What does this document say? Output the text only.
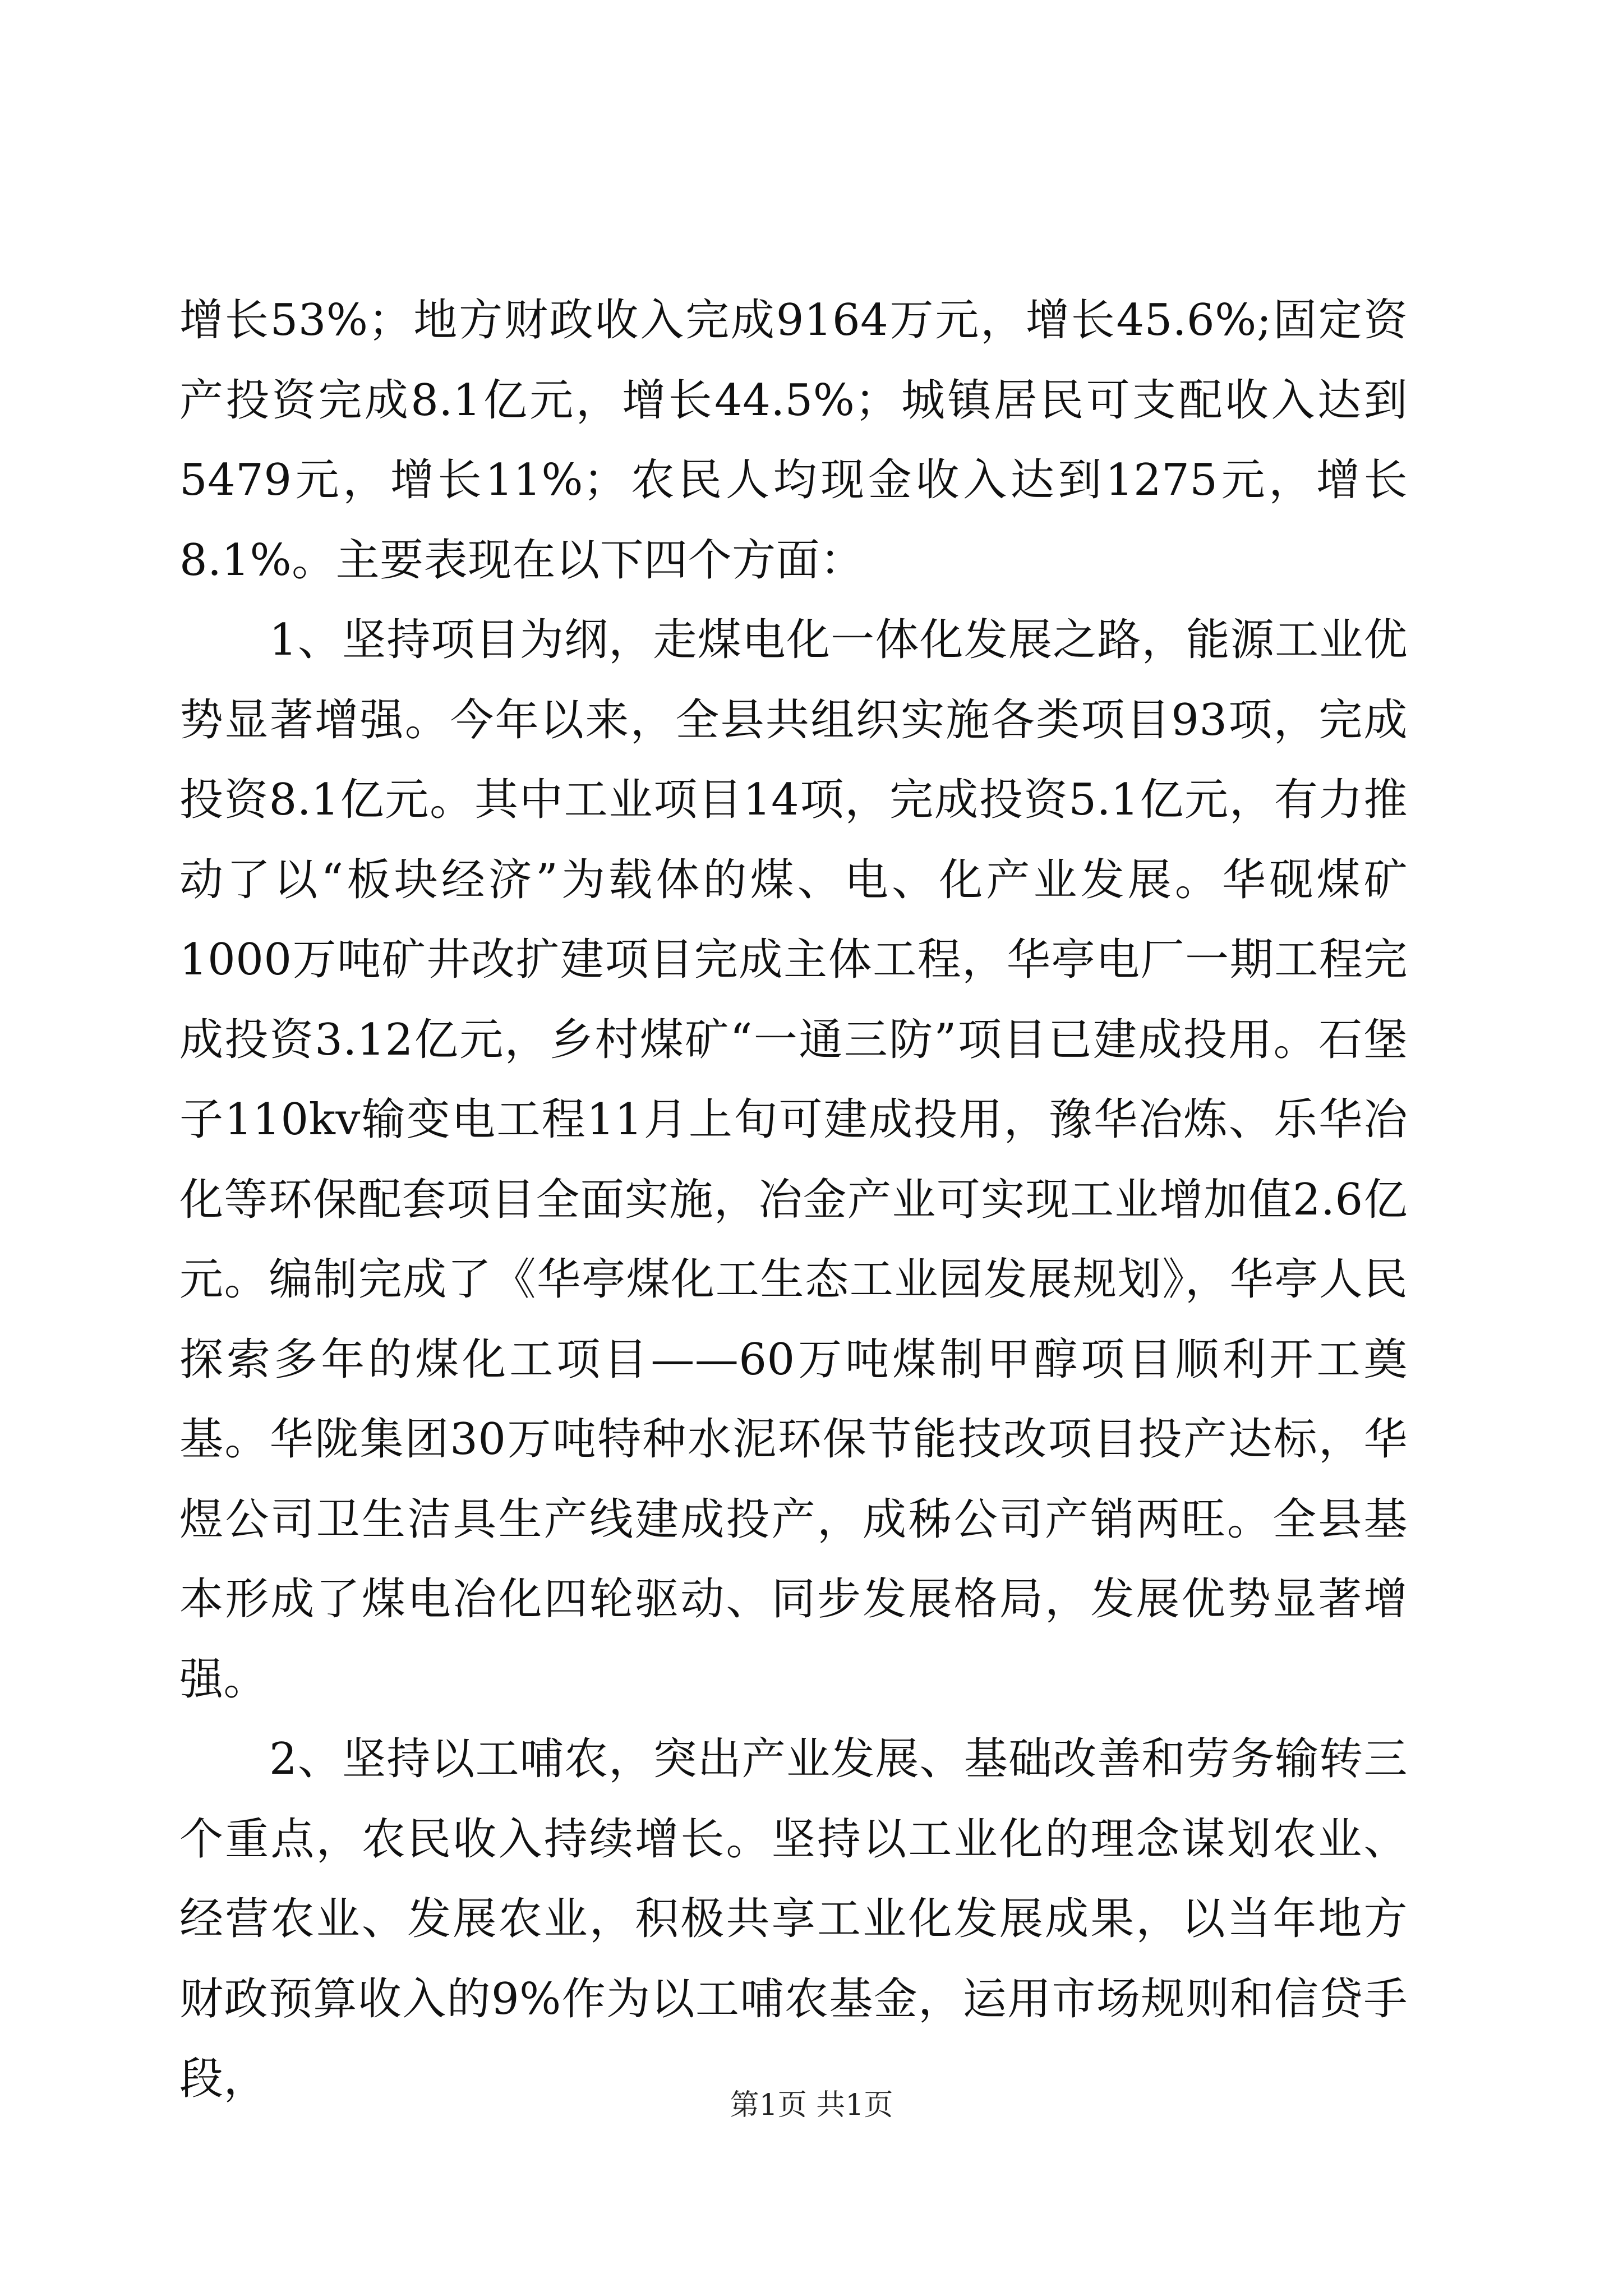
增长53%；地方财政收入完成9164万元，增长45.6%;固定资产投资完成8.1亿元，增长44.5%；城镇居民可支配收入达到5479元，增长11%；农民人均现金收入达到1275元，增长8.1%。主要表现在以下四个方面：

1、坚持项目为纲，走煤电化一体化发展之路，能源工业优势显著增强。今年以来，全县共组织实施各类项目93项，完成投资8.1亿元。其中工业项目14项，完成投资5.1亿元，有力推动了以“板块经济”为载体的煤、电、化产业发展。华砚煤矿1000万吨矿井改扩建项目完成主体工程，华亭电厂一期工程完成投资3.12亿元，乡村煤矿“一通三防”项目已建成投用。石堡子110kv输变电工程11月上旬可建成投用，豫华冶炼、乐华冶化等环保配套项目全面实施，冶金产业可实现工业增加值2.6亿元。编制完成了《华亭煤化工生态工业园发展规划》，华亭人民探索多年的煤化工项目——60万吨煤制甲醇项目顺利开工奠基。华陇集团30万吨特种水泥环保节能技改项目投产达标，华煜公司卫生洁具生产线建成投产，成秭公司产销两旺。全县基本形成了煤电冶化四轮驱动、同步发展格局，发展优势显著增强。

2、坚持以工哺农，突出产业发展、基础改善和劳务输转三个重点，农民收入持续增长。坚持以工业化的理念谋划农业、经营农业、发展农业，积极共享工业化发展成果，以当年地方财政预算收入的9%作为以工哺农基金，运用市场规则和信贷手段，

第1页 共1页
